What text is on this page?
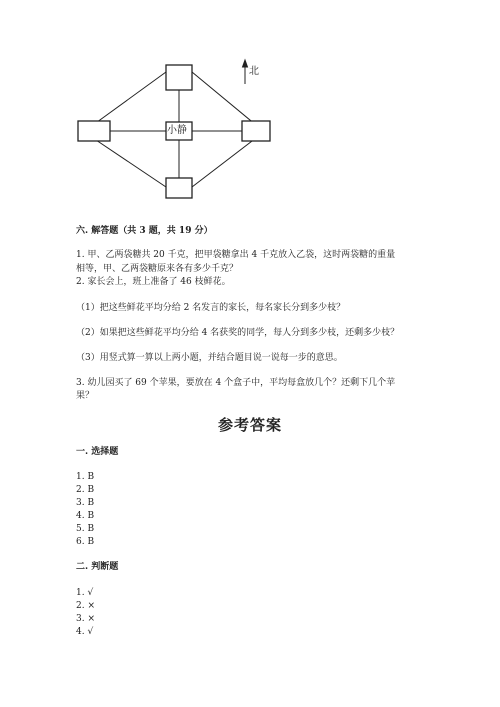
小静
北
六. 解答题（共 3 题，共 19 分）
1. 甲、乙两袋糖共 20 千克，把甲袋糖拿出 4 千克放入乙袋，这时两袋糖的重量
相等，甲、乙两袋糖原来各有多少千克？
2. 家长会上，班上准备了 46 枝鲜花。
（1）把这些鲜花平均分给 2 名发言的家长，每名家长分到多少枝？
（2）如果把这些鲜花平均分给 4 名获奖的同学，每人分到多少枝，还剩多少枝？
（3）用竖式算一算以上两小题，并结合题目说一说每一步的意思。
3. 幼儿园买了 69 个苹果，要放在 4 个盒子中，平均每盒放几个？还剩下几个苹
果？
参考答案
一. 选择题
1. B
2. B
3. B
4. B
5. B
6. B
二. 判断题
1. √
2. ×
3. ×
4. √
